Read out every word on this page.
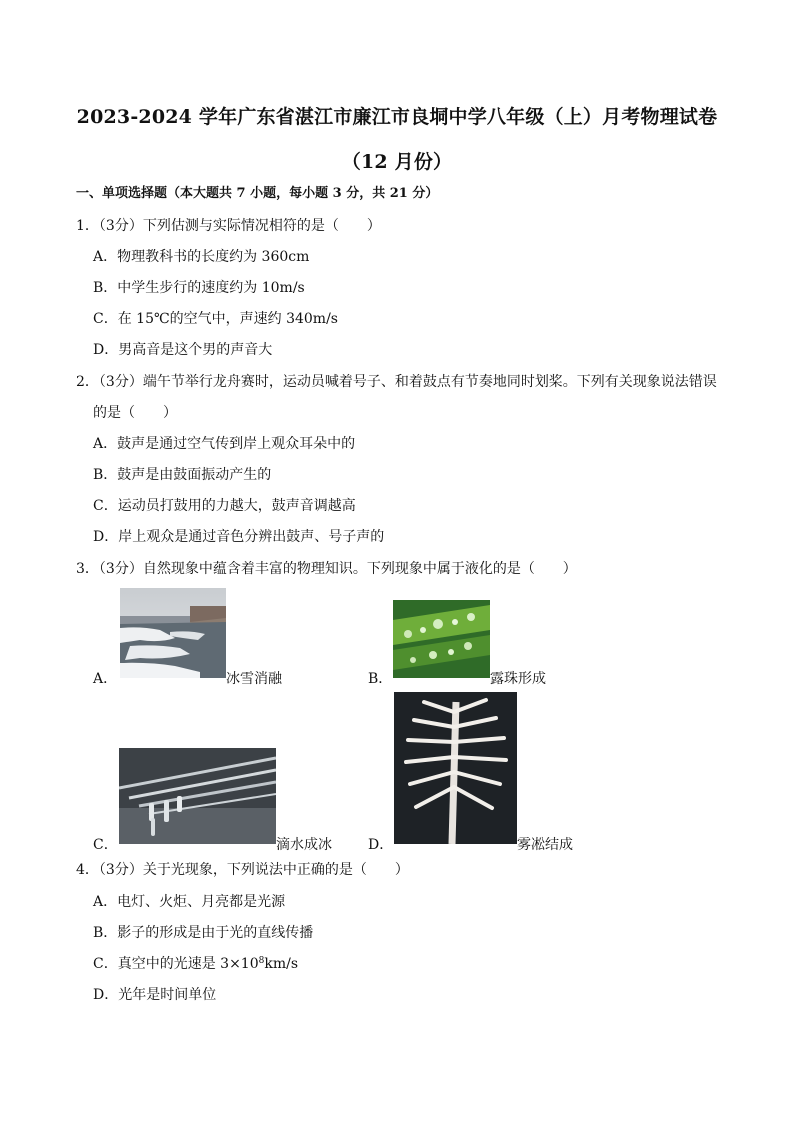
2023-2024 学年广东省湛江市廉江市良垌中学八年级（上）月考物理试卷
（12 月份）
一、单项选择题（本大题共 7 小题，每小题 3 分，共 21 分）
1．（3分）下列估测与实际情况相符的是（　　）
A．物理教科书的长度约为 360cm
B．中学生步行的速度约为 10m/s
C．在 15℃的空气中，声速约 340m/s
D．男高音是这个男的声音大
2．（3分）端午节举行龙舟赛时，运动员喊着号子、和着鼓点有节奏地同时划桨。下列有关现象说法错误
的是（　　）
A．鼓声是通过空气传到岸上观众耳朵中的
B．鼓声是由鼓面振动产生的
C．运动员打鼓用的力越大，鼓声音调越高
D．岸上观众是通过音色分辨出鼓声、号子声的
3．（3分）自然现象中蕴含着丰富的物理知识。下列现象中属于液化的是（　　）
A．	冰雪消融	B．	露珠形成
C．	滴水成冰	D．	雾凇结成
4．（3分）关于光现象，下列说法中正确的是（　　）
A．电灯、火炬、月亮都是光源
B．影子的形成是由于光的直线传播
C．真空中的光速是 $3\times 10^8km/s$
D．光年是时间单位
